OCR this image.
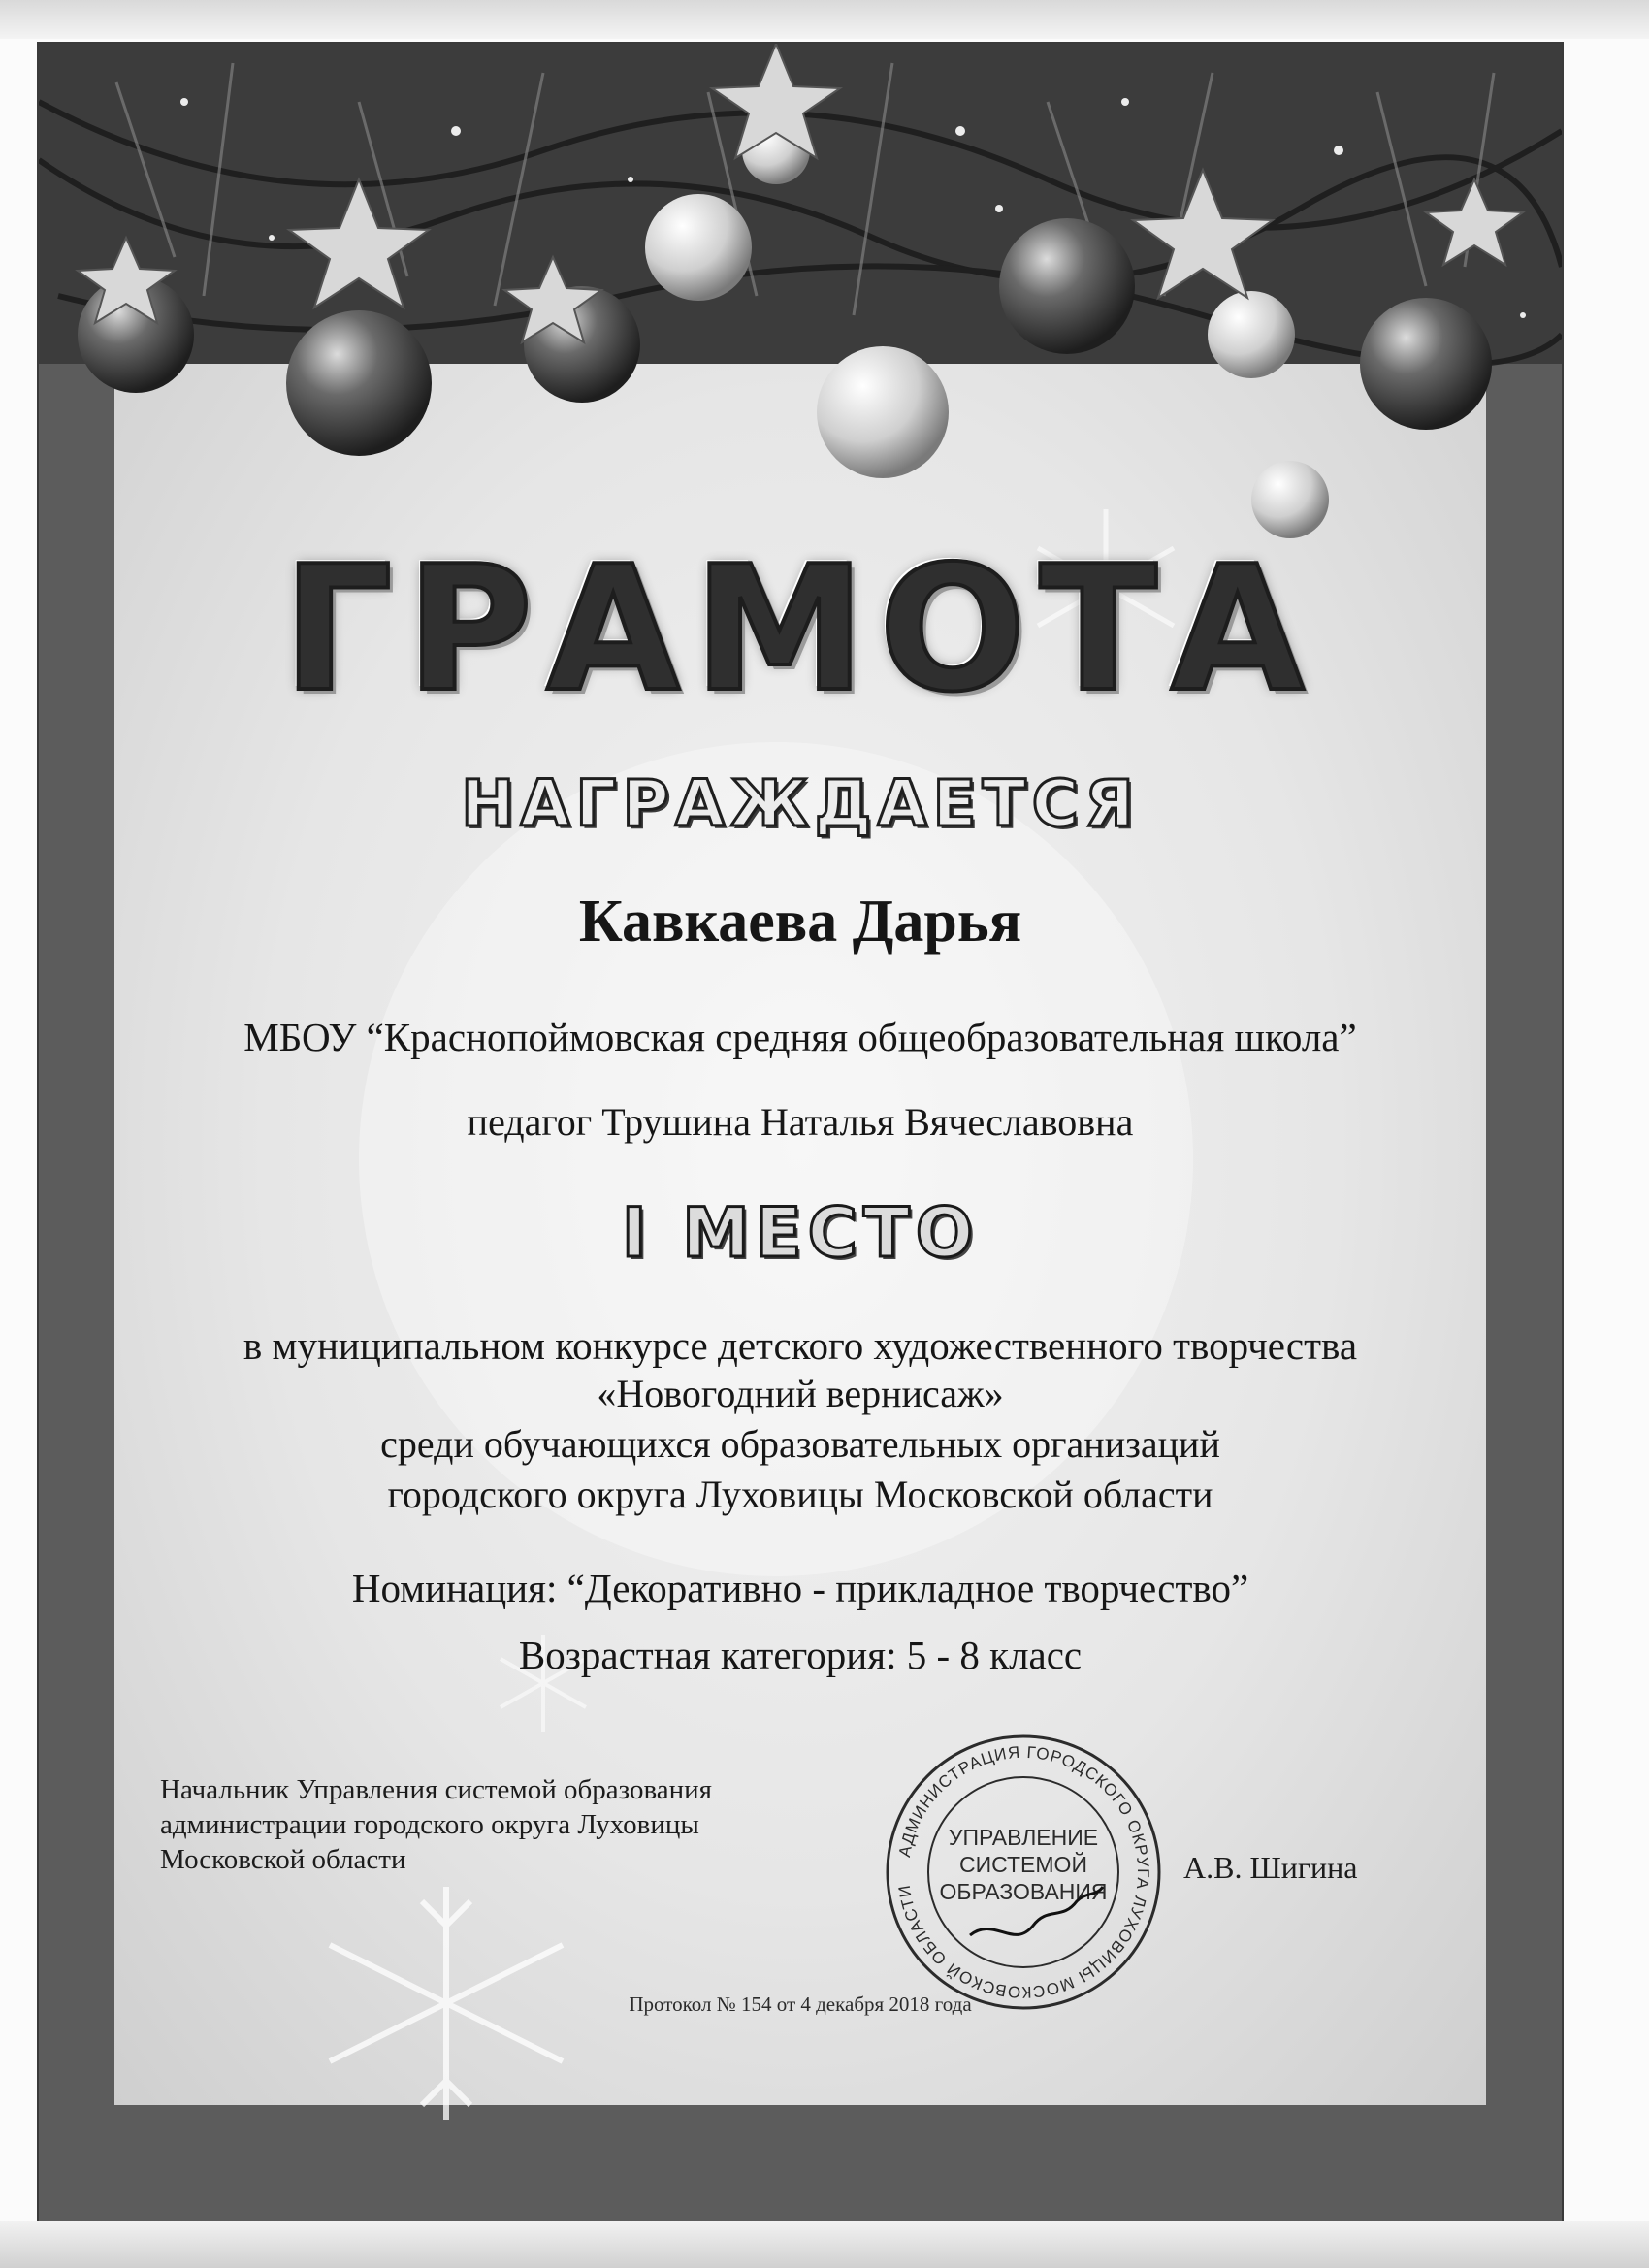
ГРАМОТА
НАГРАЖДАЕТСЯ
Кавкаева Дарья
МБОУ “Краснопоймовская средняя общеобразовательная школа”
педагог Трушина Наталья Вячеславовна
I МЕСТО
в муниципальном конкурсе детского художественного творчества
«Новогодний вернисаж»
среди обучающихся образовательных организаций
городского округа Луховицы Московской области
Номинация: “Декоративно - прикладное творчество”
Возрастная категория: 5 - 8 класс
Начальник Управления системой образования
администрации городского округа Луховицы
Московской области	АДМИНИСТРАЦИЯ ГОРОДСКОГО ОКРУГА ЛУХОВИЦЫ МОСКОВСКОЙ ОБЛАСТИ
УПРАВЛЕНИЕ
СИСТЕМОЙ
ОБРАЗОВАНИЯ
А.В. Шигина
Протокол № 154 от 4 декабря 2018 года
